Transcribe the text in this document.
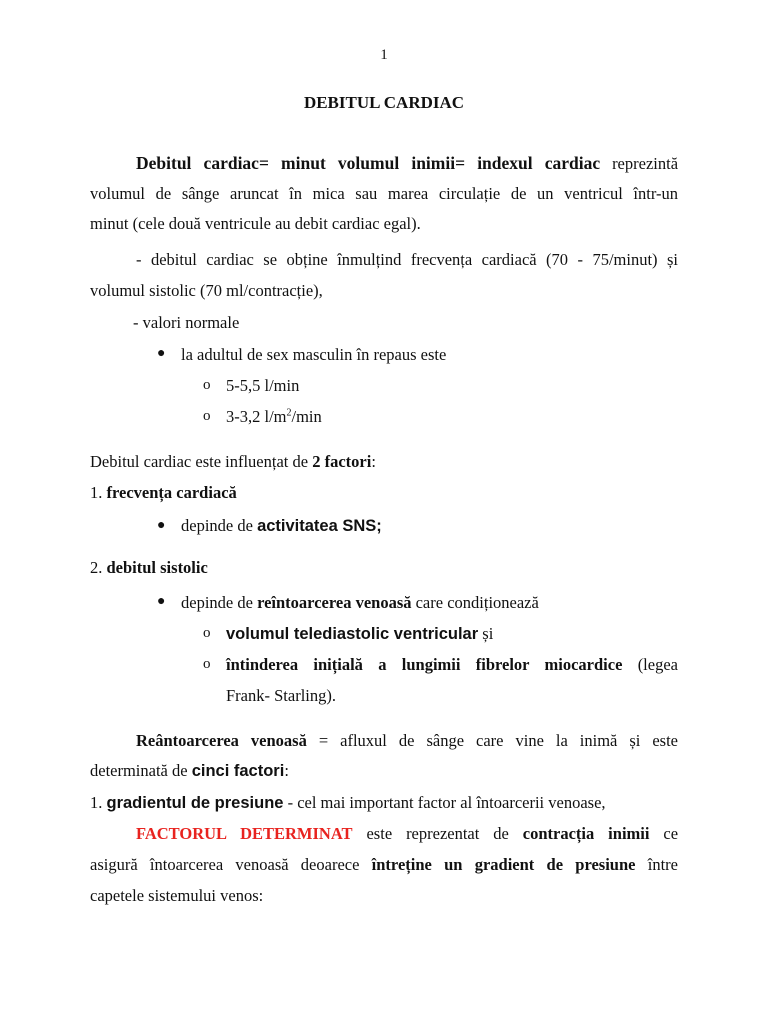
1
DEBITUL CARDIAC
Debitul cardiac= minut volumul inimii= indexul cardiac reprezintă
volumul de sânge aruncat în mica sau marea circulație de un ventricul într-un
minut (cele două ventricule au debit cardiac egal).
- debitul cardiac se obține înmulțind frecvența cardiacă (70 - 75/minut) și
volumul sistolic (70 ml/contracție),
- valori normale
● la adultul de sex masculin în repaus este
o 5-5,5 l/min
o 3-3,2 $l/m^2/\min$
Debitul cardiac este influențat de 2 factori:
1. frecvența cardiacă
● depinde de activitatea SNS;
2. debitul sistolic
● depinde de reîntoarcerea venoasă care condiționează
o volumul telediastolic ventricular și
o întinderea inițială a lungimii fibrelor miocardice (legea
Frank- Starling).
Reântoarcerea venoasă = afluxul de sânge care vine la inimă și este
determinată de cinci factori:
1. gradientul de presiune - cel mai important factor al întoarcerii venoase,
FACTORUL DETERMINAT este reprezentat de contracția inimii ce
asigură întoarcerea venoasă deoarece întreține un gradient de presiune între
capetele sistemului venos:
